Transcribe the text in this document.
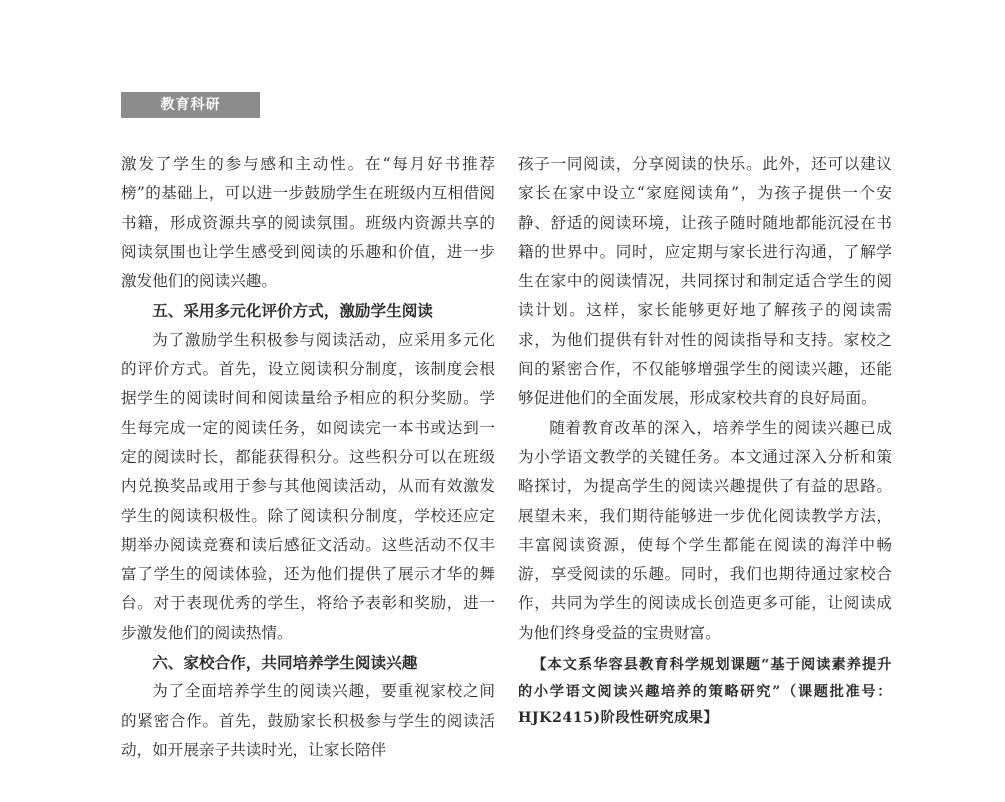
教育科研

激发了学生的参与感和主动性。在“每月好书推荐榜”的基础上，可以进一步鼓励学生在班级内互相借阅书籍，形成资源共享的阅读氛围。班级内资源共享的阅读氛围也让学生感受到阅读的乐趣和价值，进一步激发他们的阅读兴趣。

五、采用多元化评价方式，激励学生阅读

为了激励学生积极参与阅读活动，应采用多元化的评价方式。首先，设立阅读积分制度，该制度会根据学生的阅读时间和阅读量给予相应的积分奖励。学生每完成一定的阅读任务，如阅读完一本书或达到一定的阅读时长，都能获得积分。这些积分可以在班级内兑换奖品或用于参与其他阅读活动，从而有效激发学生的阅读积极性。除了阅读积分制度，学校还应定期举办阅读竞赛和读后感征文活动。这些活动不仅丰富了学生的阅读体验，还为他们提供了展示才华的舞台。对于表现优秀的学生，将给予表彰和奖励，进一步激发他们的阅读热情。

六、家校合作，共同培养学生阅读兴趣

为了全面培养学生的阅读兴趣，要重视家校之间的紧密合作。首先，鼓励家长积极参与学生的阅读活动，如开展亲子共读时光，让家长陪伴

孩子一同阅读，分享阅读的快乐。此外，还可以建议家长在家中设立“家庭阅读角”，为孩子提供一个安静、舒适的阅读环境，让孩子随时随地都能沉浸在书籍的世界中。同时，应定期与家长进行沟通，了解学生在家中的阅读情况，共同探讨和制定适合学生的阅读计划。这样，家长能够更好地了解孩子的阅读需求，为他们提供有针对性的阅读指导和支持。家校之间的紧密合作，不仅能够增强学生的阅读兴趣，还能够促进他们的全面发展，形成家校共育的良好局面。

随着教育改革的深入，培养学生的阅读兴趣已成为小学语文教学的关键任务。本文通过深入分析和策略探讨，为提高学生的阅读兴趣提供了有益的思路。展望未来，我们期待能够进一步优化阅读教学方法，丰富阅读资源，使每个学生都能在阅读的海洋中畅游，享受阅读的乐趣。同时，我们也期待通过家校合作，共同为学生的阅读成长创造更多可能，让阅读成为他们终身受益的宝贵财富。

【本文系华容县教育科学规划课题“基于阅读素养提升的小学语文阅读兴趣培养的策略研究”（课题批准号：HJK2415)阶段性研究成果】
